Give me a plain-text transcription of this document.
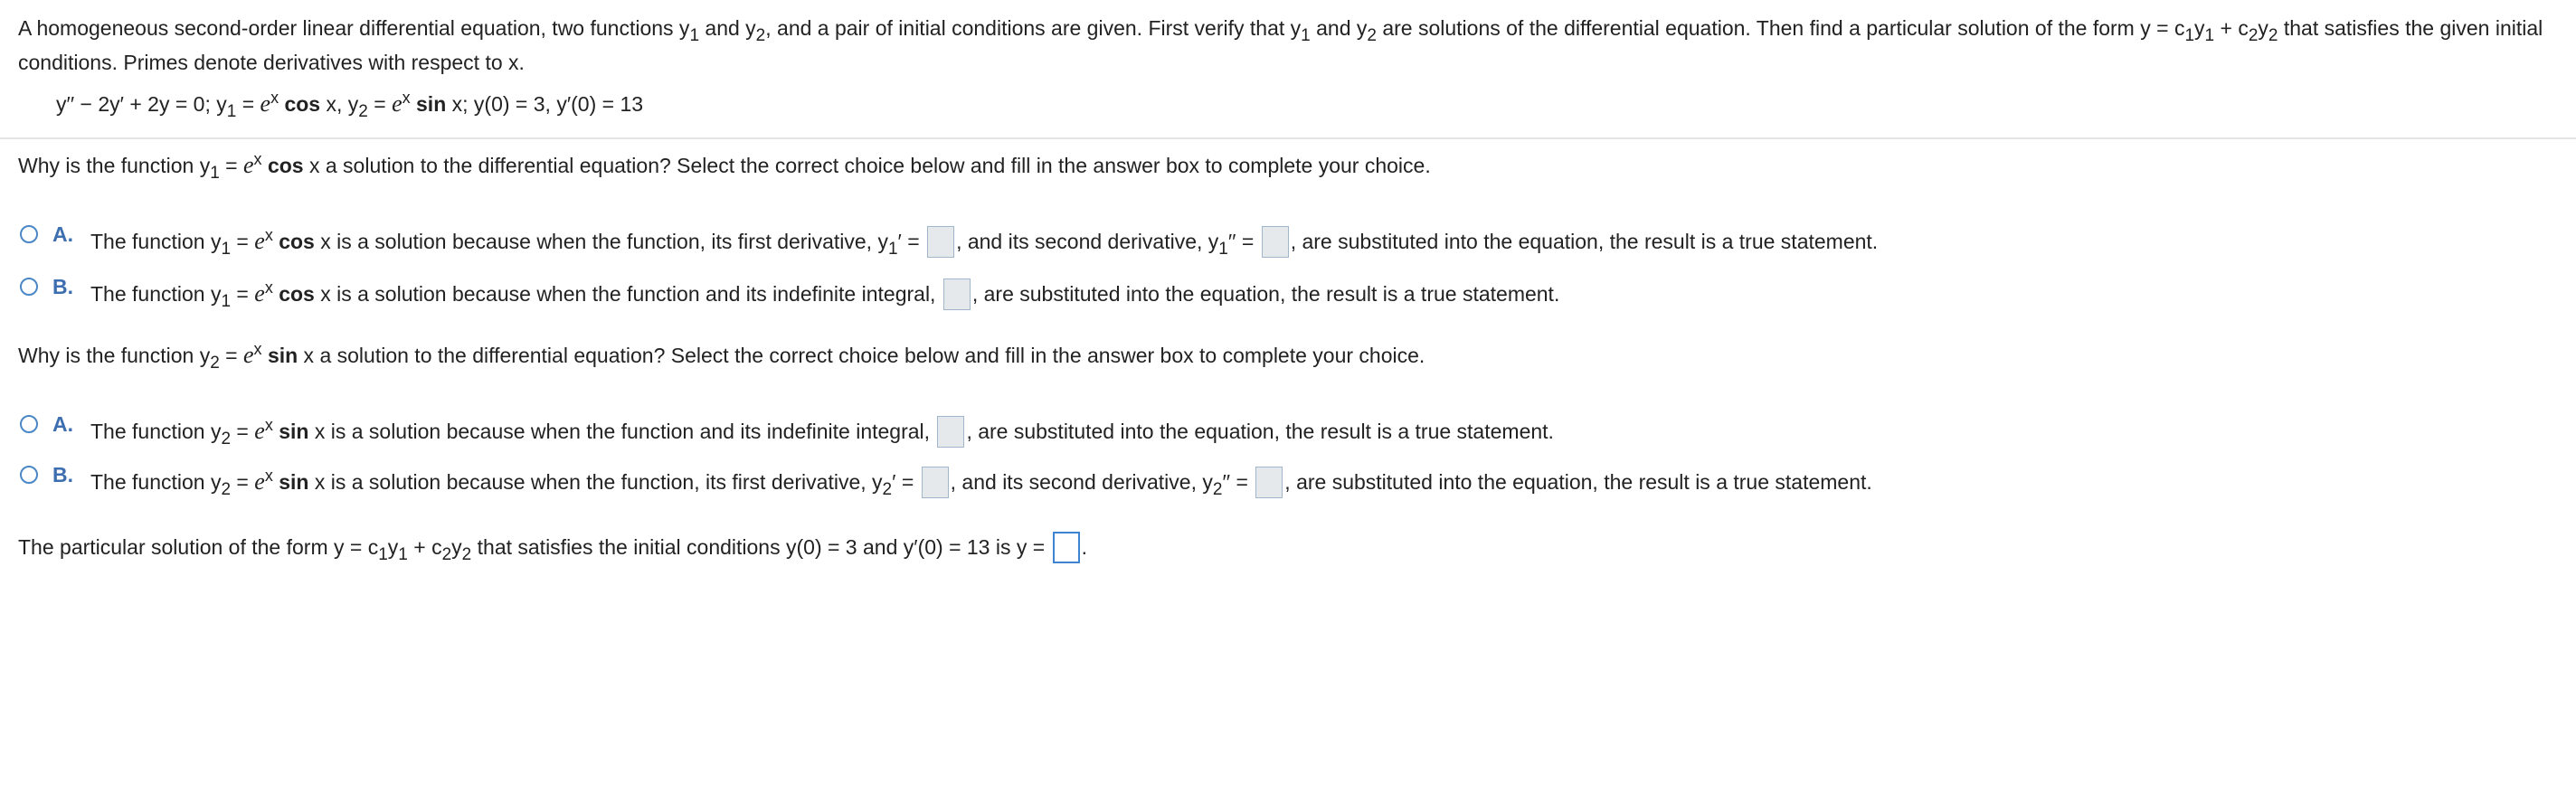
A homogeneous second-order linear differential equation, two functions $y_1$ and $y_2$, and a pair of initial conditions are given. First verify that $y_1$ and $y_2$ are solutions of the differential equation. Then find a particular solution of the form $y = c_1y_1 + c_2y_2$ that satisfies the given initial conditions. Primes denote derivatives with respect to x.
y′′ − 2y′ + 2y = 0; $y_1 = e^x$ cos x, $y_2 = e^x$ sin x; y(0) = 3, y′(0) = 13
Why is the function $y_1 = e^x$ cos x a solution to the differential equation? Select the correct choice below and fill in the answer box to complete your choice.
A. The function $y_1 = e^x$ cos x is a solution because when the function, its first derivative, $y_1'$ = , and its second derivative, $y_1''$ = , are substituted into the equation, the result is a true statement.
B. The function $y_1 = e^x$ cos x is a solution because when the function and its indefinite integral, , are substituted into the equation, the result is a true statement.
Why is the function $y_2 = e^x$ sin x a solution to the differential equation? Select the correct choice below and fill in the answer box to complete your choice.
A. The function $y_2 = e^x$ sin x is a solution because when the function and its indefinite integral, , are substituted into the equation, the result is a true statement.
B. The function $y_2 = e^x$ sin x is a solution because when the function, its first derivative, $y_2'$ = , and its second derivative, $y_2''$ = , are substituted into the equation, the result is a true statement.
The particular solution of the form $y = c_1y_1 + c_2y_2$ that satisfies the initial conditions y(0) = 3 and y′(0) = 13 is y = .
